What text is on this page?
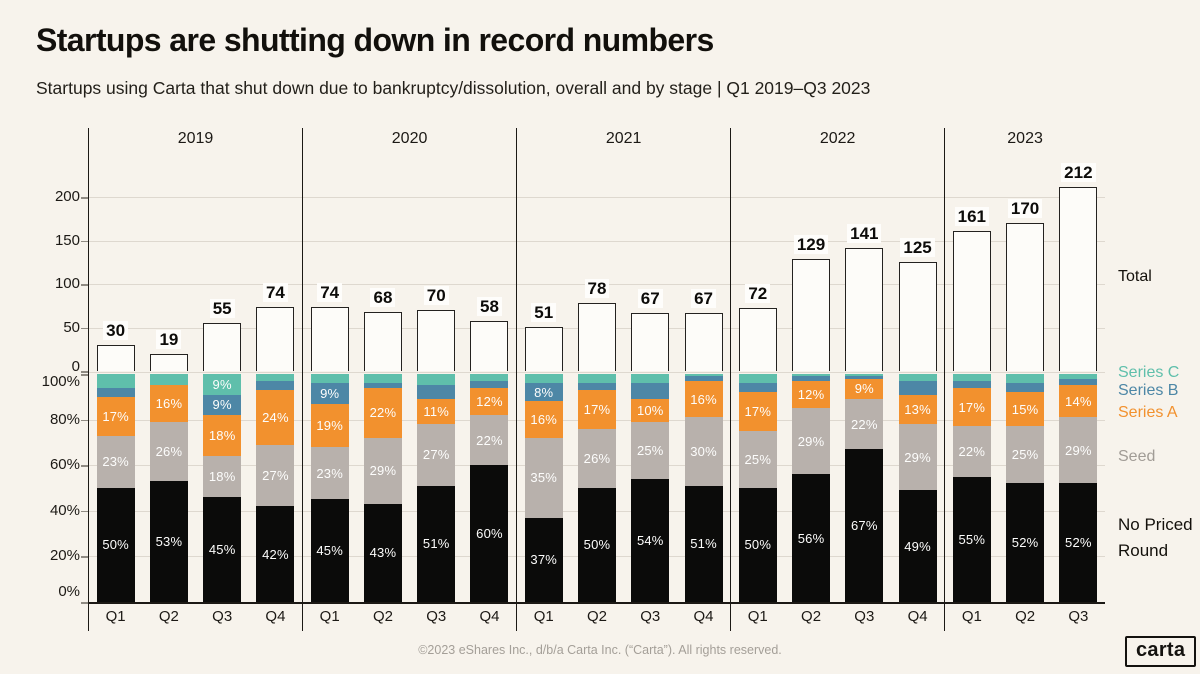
Startups are shutting down in record numbers
Startups using Carta that shut down due to bankruptcy/dissolution, overall and by stage | Q1 2019–Q3 2023
2019
30
17%
23%
50%
Q1
19
16%
26%
53%
Q2
55
9%
9%
18%
18%
45%
Q3
74
24%
27%
42%
Q4
2020
74
9%
19%
23%
45%
Q1
68
22%
29%
43%
Q2
70
11%
27%
51%
Q3
58
12%
22%
60%
Q4
2021
51
8%
16%
35%
37%
Q1
78
17%
26%
50%
Q2
67
10%
25%
54%
Q3
67
16%
30%
51%
Q4
2022
72
17%
25%
50%
Q1
129
12%
29%
56%
Q2
141
9%
22%
67%
Q3
125
13%
29%
49%
Q4
2023
161
17%
22%
55%
Q1
170
15%
25%
52%
Q2
212
14%
29%
52%
Q3
200
150
100
50
0
100%
80%
60%
40%
20%
0%
Total
Series C
Series B
Series A
Seed
No Priced Round
©2023 eShares Inc., d/b/a Carta Inc. (“Carta”). All rights reserved.	carta
